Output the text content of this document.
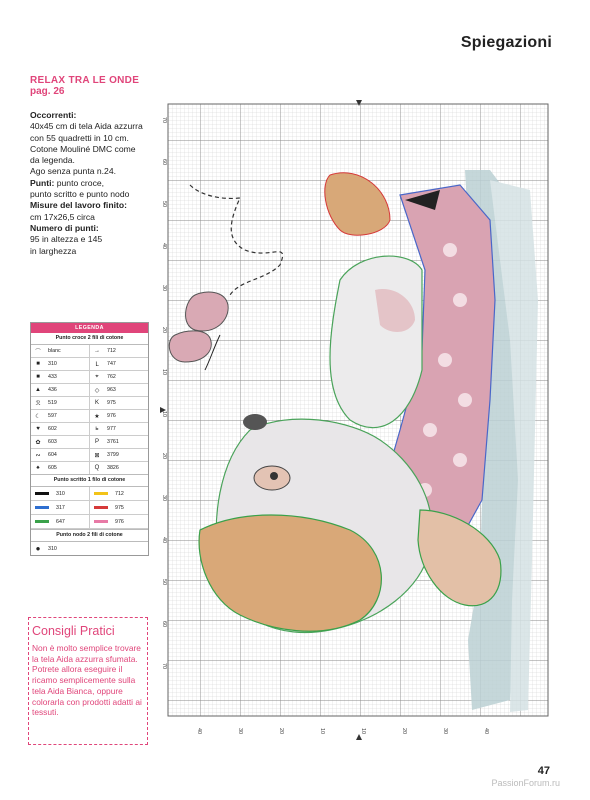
Spiegazioni
RELAX TRA LE ONDE
pag. 26
Occorrenti:
40x45 cm di tela Aida azzurra
con 55 quadretti in 10 cm.
Cotone Mouliné DMC come
da legenda.
Ago senza punta n.24.
Punti: punto croce,
punto scritto e punto nodo
Misure del lavoro finito:
cm 17x26,5 circa
Numero di punti:
95 in altezza e 145
in larghezza
LEGENDA
Punto croce 2 fili di cotone
⌒	blanc	→	712
■	310	ᒪ	747
■	433	⌖	762
▲	436	◇	963
ℛ	519	K	975
☾	597	★	976
♥	602	ь	977
✿	603	P	3761
∾	604	⊠	3799
♠	605	Q	3826
Punto scritto 1 filo di cotone
310	712
317	975
647	976
Punto nodo 2 fili di cotone
●	310
Consigli Pratici
Non è molto semplice trovare la tela Aida azzurra sfumata. Potrete allora eseguire il ricamo semplicemente sulla tela Aida Bianca, oppure colorarla con prodotti adatti ai tessuti.
70
60
50
40
30
20
10
10
20
30
40
50
60
70
40	30	20	10	10	20	30	40
47
PassionForum.ru
